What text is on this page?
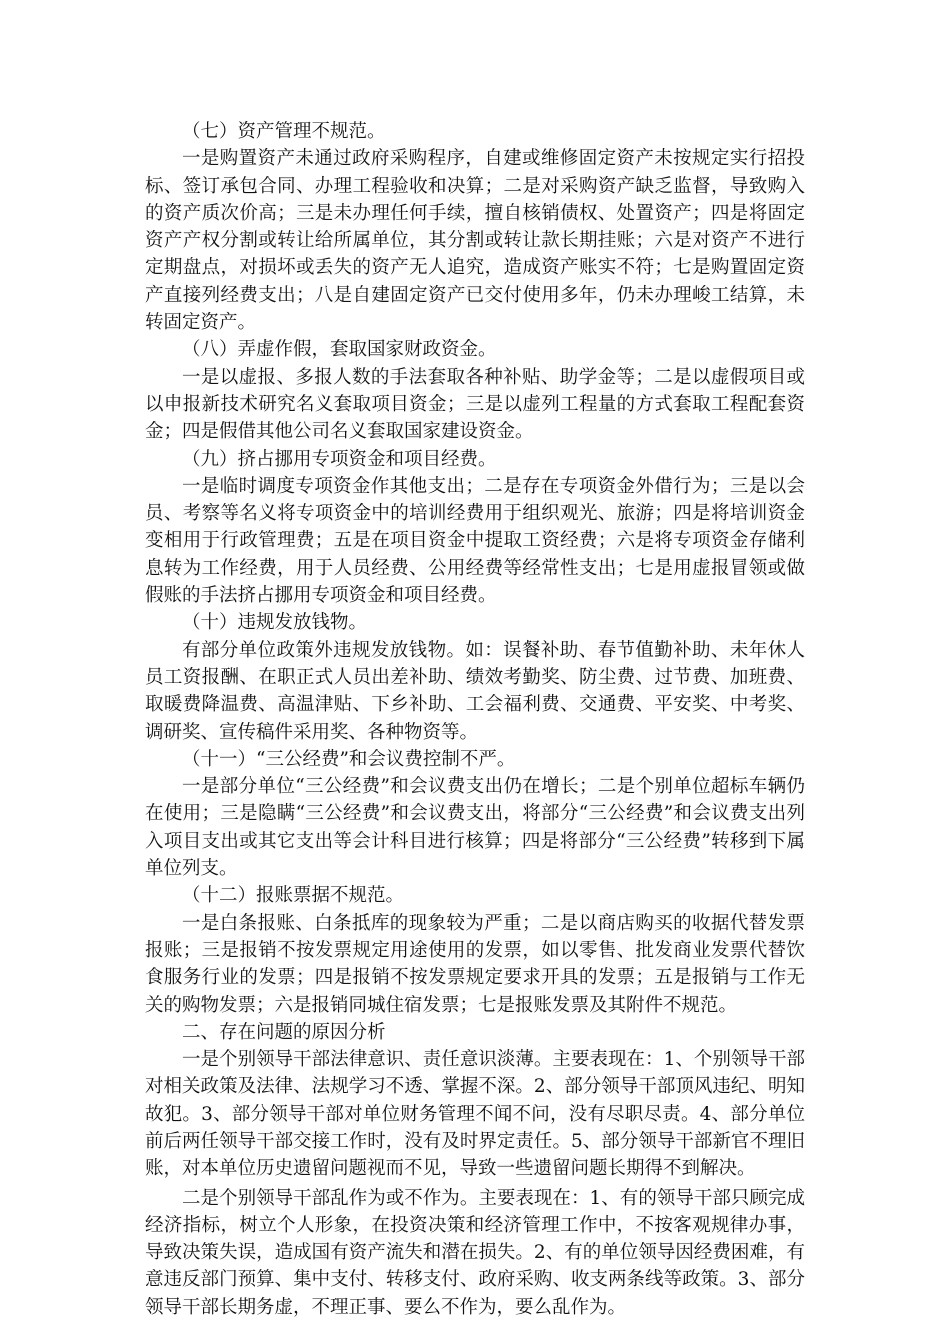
（七）资产管理不规范。

一是购置资产未通过政府采购程序，自建或维修固定资产未按规定实行招投标、签订承包合同、办理工程验收和决算；二是对采购资产缺乏监督，导致购入的资产质次价高；三是未办理任何手续，擅自核销债权、处置资产；四是将固定资产产权分割或转让给所属单位，其分割或转让款长期挂账；六是对资产不进行定期盘点，对损坏或丢失的资产无人追究，造成资产账实不符；七是购置固定资产直接列经费支出；八是自建固定资产已交付使用多年，仍未办理峻工结算，未转固定资产。

（八）弄虚作假，套取国家财政资金。

一是以虚报、多报人数的手法套取各种补贴、助学金等；二是以虚假项目或以申报新技术研究名义套取项目资金；三是以虚列工程量的方式套取工程配套资金；四是假借其他公司名义套取国家建设资金。

（九）挤占挪用专项资金和项目经费。

一是临时调度专项资金作其他支出；二是存在专项资金外借行为；三是以会员、考察等名义将专项资金中的培训经费用于组织观光、旅游；四是将培训资金变相用于行政管理费；五是在项目资金中提取工资经费；六是将专项资金存储利息转为工作经费，用于人员经费、公用经费等经常性支出；七是用虚报冒领或做假账的手法挤占挪用专项资金和项目经费。

（十）违规发放钱物。

有部分单位政策外违规发放钱物。如：误餐补助、春节值勤补助、未年休人员工资报酬、在职正式人员出差补助、绩效考勤奖、防尘费、过节费、加班费、取暖费降温费、高温津贴、下乡补助、工会福利费、交通费、平安奖、中考奖、调研奖、宣传稿件采用奖、各种物资等。

（十一）“三公经费”和会议费控制不严。

一是部分单位“三公经费”和会议费支出仍在增长；二是个别单位超标车辆仍在使用；三是隐瞒“三公经费”和会议费支出，将部分“三公经费”和会议费支出列入项目支出或其它支出等会计科目进行核算；四是将部分“三公经费”转移到下属单位列支。

（十二）报账票据不规范。

一是白条报账、白条抵库的现象较为严重；二是以商店购买的收据代替发票报账；三是报销不按发票规定用途使用的发票，如以零售、批发商业发票代替饮食服务行业的发票；四是报销不按发票规定要求开具的发票；五是报销与工作无关的购物发票；六是报销同城住宿发票；七是报账发票及其附件不规范。

二、存在问题的原因分析

一是个别领导干部法律意识、责任意识淡薄。主要表现在：1、个别领导干部对相关政策及法律、法规学习不透、掌握不深。2、部分领导干部顶风违纪、明知故犯。3、部分领导干部对单位财务管理不闻不问，没有尽职尽责。4、部分单位前后两任领导干部交接工作时，没有及时界定责任。5、部分领导干部新官不理旧账，对本单位历史遗留问题视而不见，导致一些遗留问题长期得不到解决。

二是个别领导干部乱作为或不作为。主要表现在：1、有的领导干部只顾完成经济指标，树立个人形象，在投资决策和经济管理工作中，不按客观规律办事，导致决策失误，造成国有资产流失和潜在损失。2、有的单位领导因经费困难，有意违反部门预算、集中支付、转移支付、政府采购、收支两条线等政策。3、部分领导干部长期务虚，不理正事、要么不作为，要么乱作为。
